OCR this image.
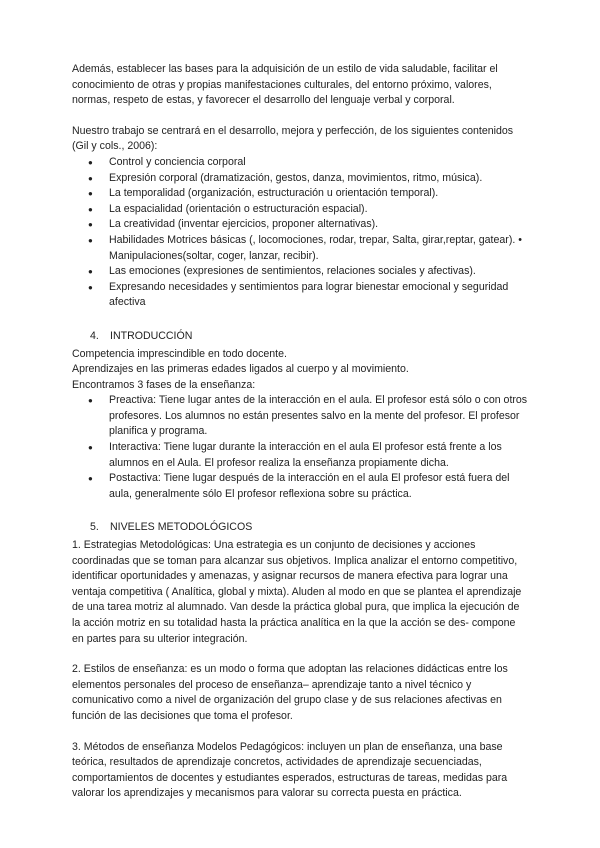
Además, establecer las bases para la adquisición de un estilo de vida saludable, facilitar el conocimiento de otras y propias manifestaciones culturales, del entorno próximo, valores, normas, respeto de estas, y favorecer el desarrollo del lenguaje verbal y corporal.

Nuestro trabajo se centrará en el desarrollo, mejora y perfección, de los siguientes contenidos (Gil y cols., 2006):

● Control y conciencia corporal
● Expresión corporal (dramatización, gestos, danza, movimientos, ritmo, música).
● La temporalidad (organización, estructuración u orientación temporal).
● La espacialidad (orientación o estructuración espacial).
● La creatividad (inventar ejercicios, proponer alternativas).
● Habilidades Motrices básicas (, locomociones, rodar, trepar, Salta, girar,reptar, gatear). • Manipulaciones(soltar, coger, lanzar, recibir).
● Las emociones (expresiones de sentimientos, relaciones sociales y afectivas).
● Expresando necesidades y sentimientos para lograr bienestar emocional y seguridad afectiva
4. INTRODUCCIÓN

Competencia imprescindible en todo docente.

Aprendizajes en las primeras edades ligados al cuerpo y al movimiento.

Encontramos 3 fases de la enseñanza:

● Preactiva: Tiene lugar antes de la interacción en el aula. El profesor está sólo o con otros profesores. Los alumnos no están presentes salvo en la mente del profesor. El profesor planifica y programa.
● Interactiva: Tiene lugar durante la interacción en el aula El profesor está frente a los alumnos en el Aula. El profesor realiza la enseñanza propiamente dicha.
● Postactiva: Tiene lugar después de la interacción en el aula El profesor está fuera del aula, generalmente sólo El profesor reflexiona sobre su práctica.
5. NIVELES METODOLÓGICOS

1. Estrategias Metodológicas: Una estrategia es un conjunto de decisiones y acciones coordinadas que se toman para alcanzar sus objetivos. Implica analizar el entorno competitivo, identificar oportunidades y amenazas, y asignar recursos de manera efectiva para lograr una ventaja competitiva ( Analítica, global y mixta). Aluden al modo en que se plantea el aprendizaje de una tarea motriz al alumnado. Van desde la práctica global pura, que implica la ejecución de la acción motriz en su totalidad hasta la práctica analítica en la que la acción se des- compone en partes para su ulterior integración.

2. Estilos de enseñanza: es un modo o forma que adoptan las relaciones didácticas entre los elementos personales del proceso de enseñanza– aprendizaje tanto a nivel técnico y comunicativo como a nivel de organización del grupo clase y de sus relaciones afectivas en función de las decisiones que toma el profesor.

3. Métodos de enseñanza Modelos Pedagógicos: incluyen un plan de enseñanza, una base teórica, resultados de aprendizaje concretos, actividades de aprendizaje secuenciadas, comportamientos de docentes y estudiantes esperados, estructuras de tareas, medidas para valorar los aprendizajes y mecanismos para valorar su correcta puesta en práctica.
